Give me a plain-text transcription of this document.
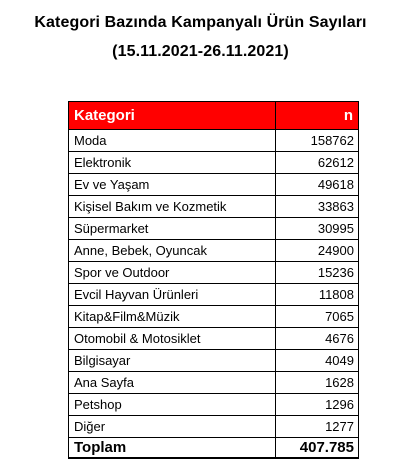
Kategori Bazında Kampanyalı Ürün Sayıları
(15.11.2021-26.11.2021)
Kategori	n
Moda	158762
Elektronik	62612
Ev ve Yaşam	49618
Kişisel Bakım ve Kozmetik	33863
Süpermarket	30995
Anne, Bebek, Oyuncak	24900
Spor ve Outdoor	15236
Evcil Hayvan Ürünleri	11808
Kitap&Film&Müzik	7065
Otomobil & Motosiklet	4676
Bilgisayar	4049
Ana Sayfa	1628
Petshop	1296
Diğer	1277
Toplam	407.785
